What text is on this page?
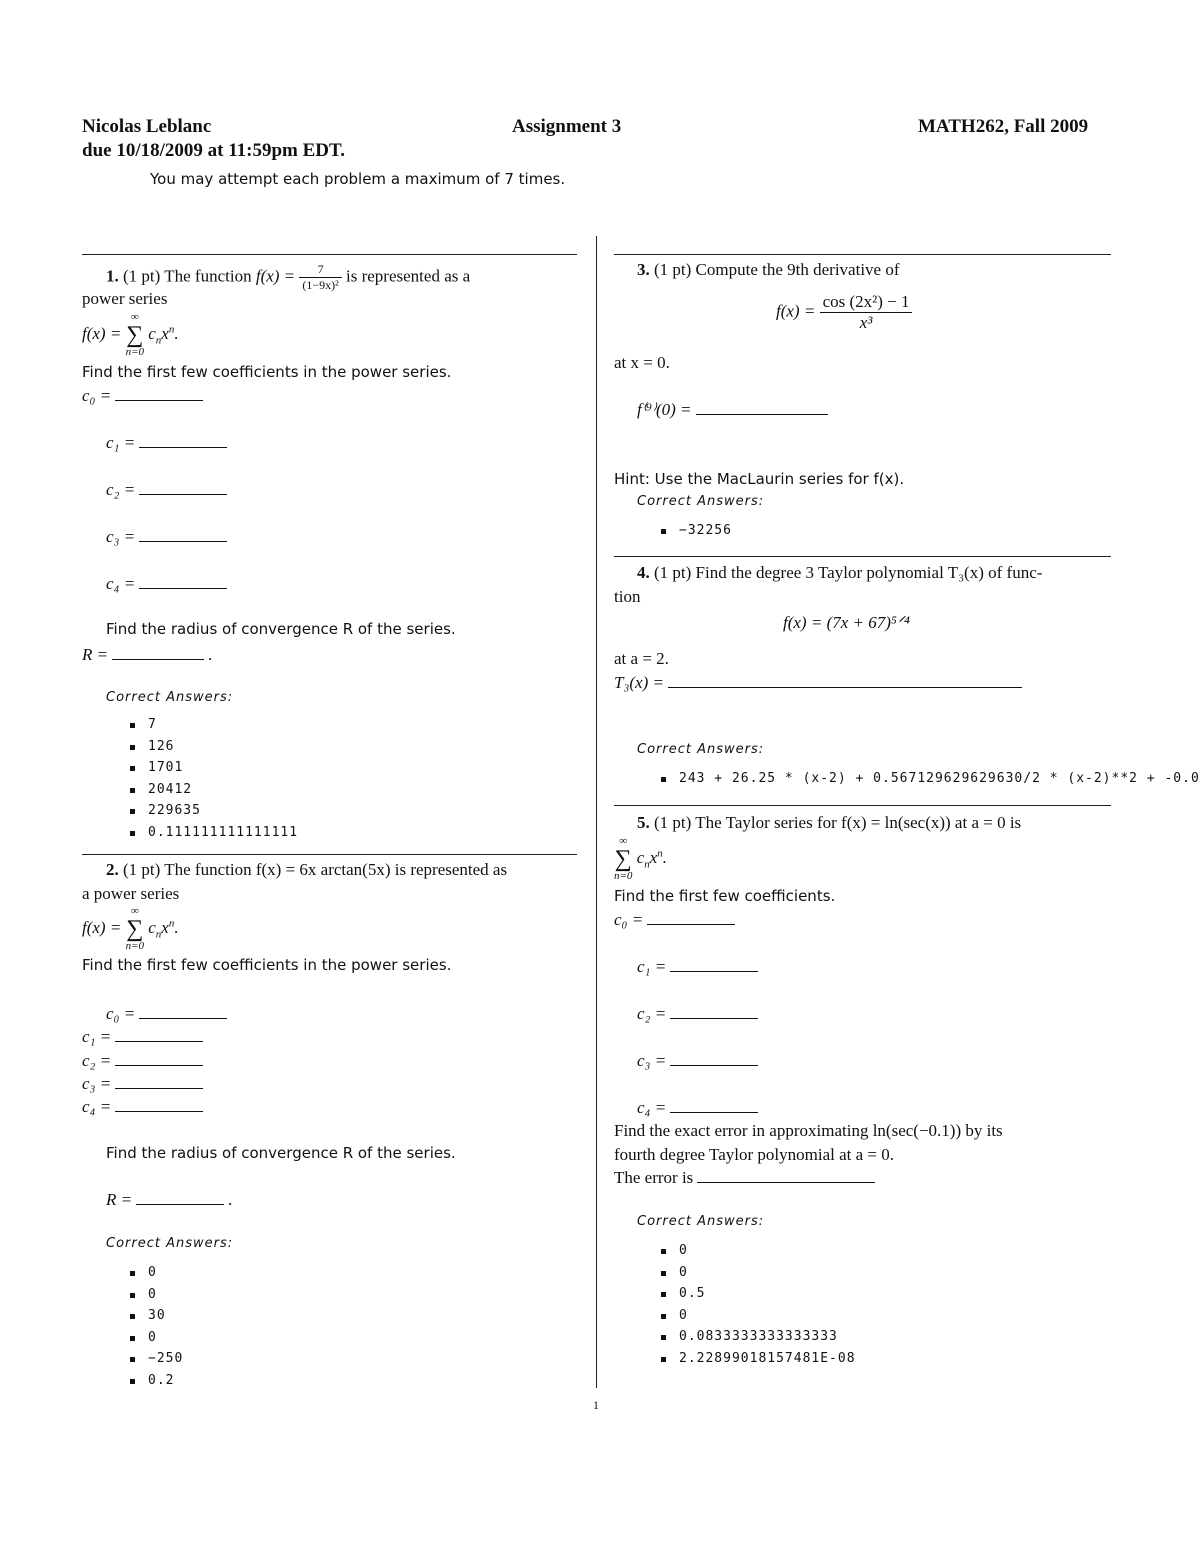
Nicolas Leblanc	Assignment 3	MATH262, Fall 2009
due 10/18/2009 at 11:59pm EDT.
You may attempt each problem a maximum of 7 times.
1. (1 pt) The function $f(x) = \frac{7}{\text{(1−9x)²}}$ is represented as a
power series
f(x) =
∞
∑
n=0
$c_nx^n$.
Find the first few coefficients in the power series.
c₀ =
c₁ =
c₂ =
c₃ =
c₄ =
Find the radius of convergence R of the series.
R =	.
Correct Answers:
7
126
1701
20412
229635
0.111111111111111
2. (1 pt) The function f(x) = 6x arctan(5x) is represented as
a power series
f(x) =
∞
∑
n=0
$c_nx^n$.
Find the first few coefficients in the power series.
c₀ =
c₁ =
c₂ =
c₃ =
c₄ =
Find the radius of convergence R of the series.
R =	.
Correct Answers:
0
0
30
0
−250
0.2
3. (1 pt) Compute the 9th derivative of
$f(x) = \frac{\text{cos (2x²) − 1}}{\text{x³}}$
at x = 0.
f⁽⁹⁾(0) =
Hint: Use the MacLaurin series for f(x).
Correct Answers:
−32256
4. (1 pt) Find the degree 3 Taylor polynomial T₃(x) of func-
tion
f(x) = (7x + 67)⁵ᐟ⁴
at a = 2.
T₃(x) =
Correct Answers:
243 + 26.25 * (x-2) + 0.567129629629630/2 * (x-2)**2 + -0.0
5. (1 pt) The Taylor series for f(x) = ln(sec(x)) at a = 0 is
∞
∑
n=0
$c_nx^n$.
Find the first few coefficients.
c₀ =
c₁ =
c₂ =
c₃ =
c₄ =
Find the exact error in approximating ln(sec(−0.1)) by its
fourth degree Taylor polynomial at a = 0.
The error is
Correct Answers:
0
0
0.5
0
0.0833333333333333
2.22899018157481E-08
1
